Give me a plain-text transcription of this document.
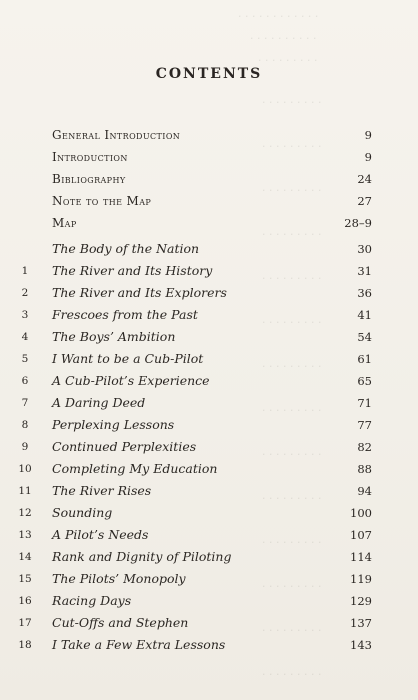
· · · · · · · · · · · ·
· · · · · · · · · ·
· · · · · · · · ·
· · · · · · · · ·
· · · · · · · · ·
· · · · · · · · ·
· · · · · · · · ·
· · · · · · · · ·
· · · · · · · · ·
· · · · · · · · ·
· · · · · · · · ·
· · · · · · · · ·
· · · · · · · · ·
· · · · · · · · ·
· · · · · · · · ·
· · · · · · · · ·
· · · · · · · · ·
CONTENTS
General Introduction	9
Introduction	9
Bibliography	24
Note to the Map	27
Map	28–9
The Body of the Nation	30
1	The River and Its History	31
2	The River and Its Explorers	36
3	Frescoes from the Past	41
4	The Boys’ Ambition	54
5	I Want to be a Cub-Pilot	61
6	A Cub-Pilot’s Experience	65
7	A Daring Deed	71
8	Perplexing Lessons	77
9	Continued Perplexities	82
10	Completing My Education	88
11	The River Rises	94
12	Sounding	100
13	A Pilot’s Needs	107
14	Rank and Dignity of Piloting	114
15	The Pilots’ Monopoly	119
16	Racing Days	129
17	Cut-Offs and Stephen	137
18	I Take a Few Extra Lessons	143
